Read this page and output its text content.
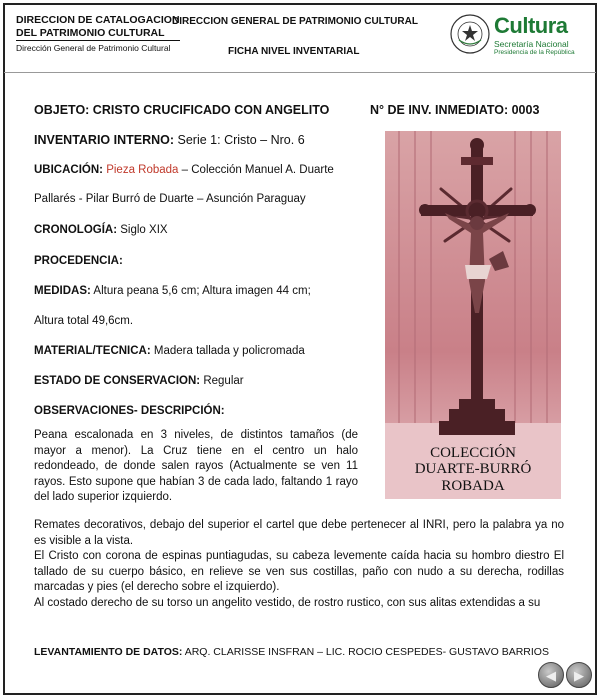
DIRECCION DE CATALOGACION
DEL PATRIMONIO CULTURAL
Dirección General de Patrimonio Cultural
DIRECCION GENERAL DE PATRIMONIO CULTURAL
FICHA NIVEL INVENTARIAL
Cultura
Secretaría Nacional
Presidencia de la República
OBJETO: CRISTO CRUCIFICADO CON ANGELITO	N° DE INV. INMEDIATO: 0003
INVENTARIO INTERNO: Serie 1: Cristo – Nro. 6
UBICACIÓN: Pieza Robada – Colección Manuel A. Duarte
Pallarés - Pilar Burró de Duarte – Asunción Paraguay
CRONOLOGÍA: Siglo XIX
PROCEDENCIA:
MEDIDAS: Altura peana 5,6 cm; Altura imagen 44 cm;
Altura total 49,6cm.
MATERIAL/TECNICA: Madera tallada y policromada
ESTADO DE CONSERVACION: Regular
OBSERVACIONES- DESCRIPCIÓN:
COLECCIÓN
DUARTE-BURRÓ
ROBADA
Peana escalonada en 3 niveles, de distintos tamaños (de mayor a menor). La Cruz tiene en el centro un halo redondeado, de donde salen rayos (Actualmente se ven 11 rayos. Esto supone que habían 3 de cada lado, faltando 1 rayo del lado superior izquierdo.
Remates decorativos, debajo del superior el cartel que debe pertenecer al INRI, pero la palabra ya no es visible a la vista.
El Cristo con corona de espinas puntiagudas, su cabeza levemente caída hacia su hombro diestro El tallado de su cuerpo básico, en relieve se ven sus costillas, paño con nudo a su derecha, rodillas marcadas y pies (el derecho sobre el izquierdo).
Al costado derecho de su torso un angelito vestido, de rostro rustico, con sus alitas extendidas a su
LEVANTAMIENTO DE DATOS: ARQ. CLARISSE INSFRAN – LIC. ROCIO CESPEDES- GUSTAVO BARRIOS
◀	▶
